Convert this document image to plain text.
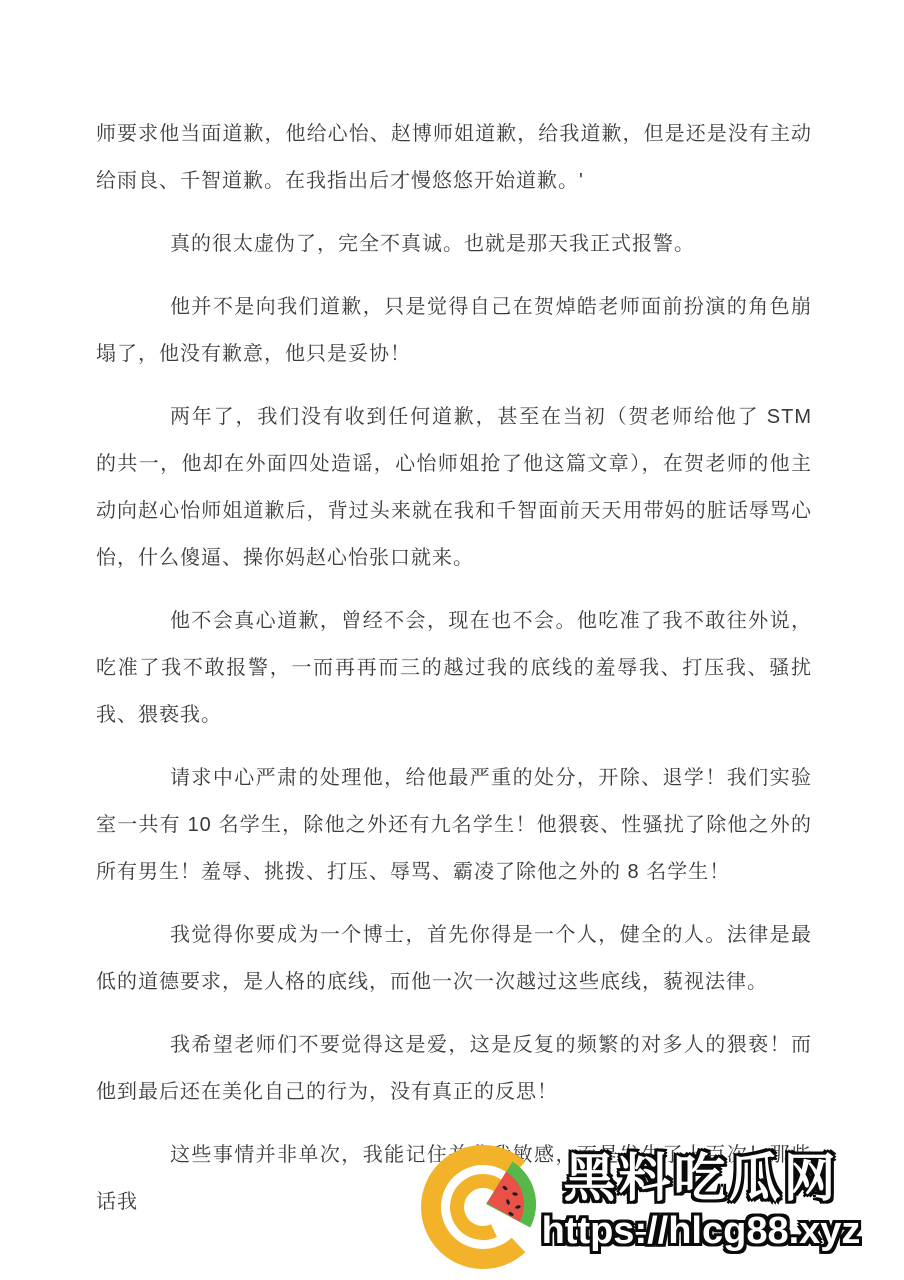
师要求他当面道歉，他给心怡、赵博师姐道歉，给我道歉，但是还是没有主动给雨良、千智道歉。在我指出后才慢悠悠开始道歉。'

真的很太虚伪了，完全不真诚。也就是那天我正式报警。

他并不是向我们道歉，只是觉得自己在贺焯皓老师面前扮演的角色崩塌了，他没有歉意，他只是妥协！

两年了，我们没有收到任何道歉，甚至在当初（贺老师给他了 STM 的共一，他却在外面四处造谣，心怡师姐抢了他这篇文章），在贺老师的他主动向赵心怡师姐道歉后，背过头来就在我和千智面前天天用带妈的脏话辱骂心怡，什么傻逼、操你妈赵心怡张口就来。

他不会真心道歉，曾经不会，现在也不会。他吃准了我不敢往外说，吃准了我不敢报警，一而再再而三的越过我的底线的羞辱我、打压我、骚扰我、猥亵我。

请求中心严肃的处理他，给他最严重的处分，开除、退学！我们实验室一共有 10 名学生，除他之外还有九名学生！他猥亵、性骚扰了除他之外的所有男生！羞辱、挑拨、打压、辱骂、霸凌了除他之外的 8 名学生！

我觉得你要成为一个博士，首先你得是一个人，健全的人。法律是最低的道德要求，是人格的底线，而他一次一次越过这些底线，藐视法律。

我希望老师们不要觉得这是爱，这是反复的频繁的对多人的猥亵！而他到最后还在美化自己的行为，没有真正的反思！

这些事情并非单次，我能记住并非我敏感，而是发生了上百次！那些话我	黑料吃瓜网
https://hlcg88.xyz
